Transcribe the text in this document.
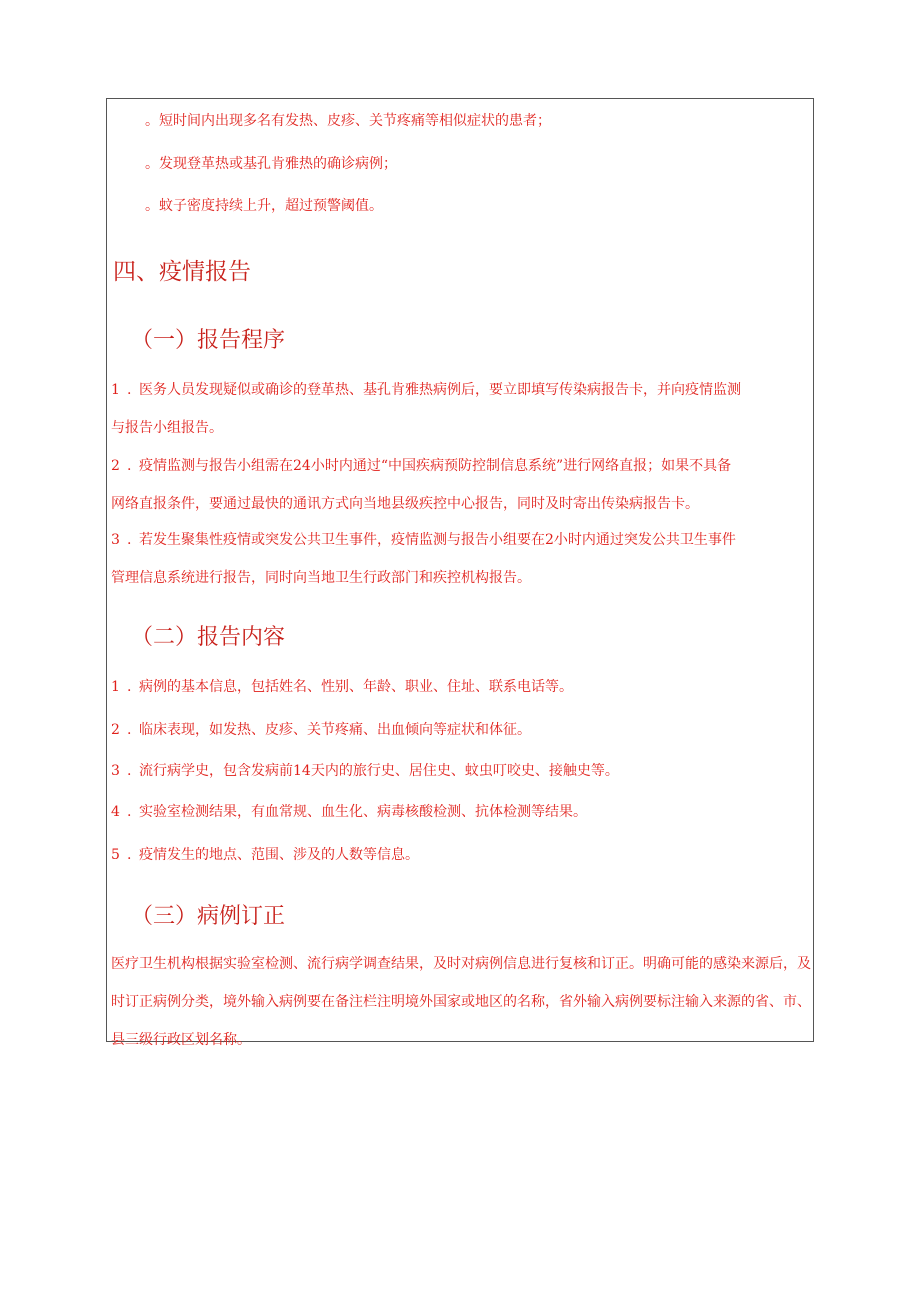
。短时间内出现多名有发热、皮疹、关节疼痛等相似症状的患者；
。发现登革热或基孔肯雅热的确诊病例；
。蚊子密度持续上升，超过预警阈值。
四、疫情报告
（一）报告程序
1 . 医务人员发现疑似或确诊的登革热、基孔肯雅热病例后，要立即填写传染病报告卡，并向疫情监测
与报告小组报告。
2 . 疫情监测与报告小组需在24小时内通过“中国疾病预防控制信息系统”进行网络直报；如果不具备
网络直报条件，要通过最快的通讯方式向当地县级疾控中心报告，同时及时寄出传染病报告卡。
3 . 若发生聚集性疫情或突发公共卫生事件，疫情监测与报告小组要在2小时内通过突发公共卫生事件
管理信息系统进行报告，同时向当地卫生行政部门和疾控机构报告。
（二）报告内容
1 . 病例的基本信息，包括姓名、性别、年龄、职业、住址、联系电话等。
2 . 临床表现，如发热、皮疹、关节疼痛、出血倾向等症状和体征。
3 . 流行病学史，包含发病前14天内的旅行史、居住史、蚊虫叮咬史、接触史等。
4 . 实验室检测结果，有血常规、血生化、病毒核酸检测、抗体检测等结果。
5 . 疫情发生的地点、范围、涉及的人数等信息。
（三）病例订正
医疗卫生机构根据实验室检测、流行病学调查结果，及时对病例信息进行复核和订正。明确可能的感染来源后，及时订正病例分类，境外输入病例要在备注栏注明境外国家或地区的名称，省外输入病例要标注输入来源的省、市、县三级行政区划名称。
